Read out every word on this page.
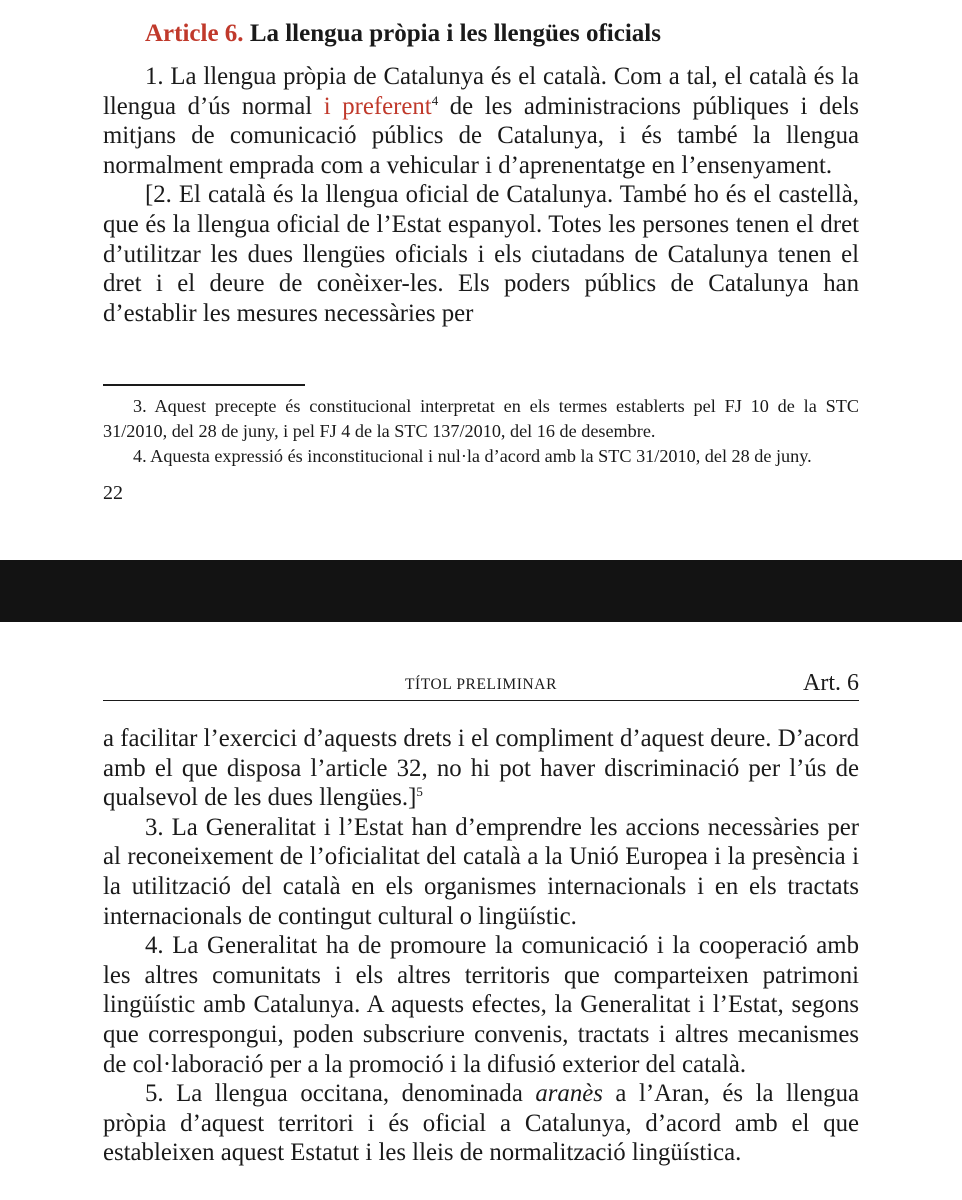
Article 6. La llengua pròpia i les llengües oficials

1. La llengua pròpia de Catalunya és el català. Com a tal, el català és la llengua d’ús normal i preferent$^4$ de les administracions públiques i dels mitjans de comunicació públics de Catalunya, i és també la llengua normalment emprada com a vehicular i d’aprenentatge en l’ensenyament.

[2. El català és la llengua oficial de Catalunya. També ho és el castellà, que és la llengua oficial de l’Estat espanyol. Totes les persones tenen el dret d’utilitzar les dues llengües oficials i els ciutadans de Catalunya tenen el dret i el deure de conèixer-les. Els poders públics de Catalunya han d’establir les mesures necessàries per

3. Aquest precepte és constitucional interpretat en els termes establerts pel FJ 10 de la STC 31/2010, del 28 de juny, i pel FJ 4 de la STC 137/2010, del 16 de desembre.

4. Aquesta expressió és inconstitucional i nul·la d’acord amb la STC 31/2010, del 28 de juny.

22
TÍTOL PRELIMINAR	Art. 6

a facilitar l’exercici d’aquests drets i el compliment d’aquest deure. D’acord amb el que disposa l’article 32, no hi pot haver discriminació per l’ús de qualsevol de les dues llengües.]$^5$

3. La Generalitat i l’Estat han d’emprendre les accions necessàries per al reconeixement de l’oficialitat del català a la Unió Europea i la presència i la utilització del català en els organismes internacionals i en els tractats internacionals de contingut cultural o lingüístic.

4. La Generalitat ha de promoure la comunicació i la cooperació amb les altres comunitats i els altres territoris que comparteixen patrimoni lingüístic amb Catalunya. A aquests efectes, la Generalitat i l’Estat, segons que correspongui, poden subscriure convenis, tractats i altres mecanismes de col·laboració per a la promoció i la difusió exterior del català.

5. La llengua occitana, denominada aranès a l’Aran, és la llengua pròpia d’aquest territori i és oficial a Catalunya, d’acord amb el que estableixen aquest Estatut i les lleis de normalització lingüística.
